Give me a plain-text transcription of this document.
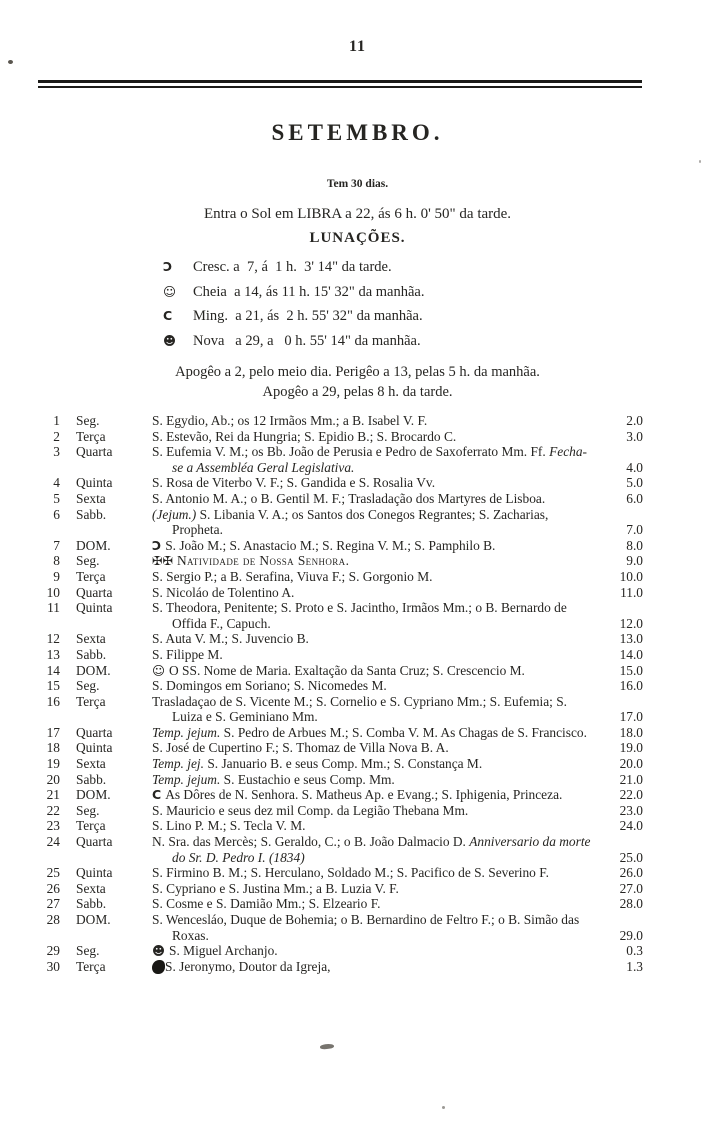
11
SETEMBRO.
Tem 30 dias.
Entra o Sol em LIBRA a 22, ás 6 h. 0' 50" da tarde.
LUNAÇÕES.
Ɔ	Cresc. a  7, á  1 h.  3' 14" da tarde.
☺	Cheia  a 14, ás 11 h. 15' 32" da manhãa.
C	Ming.  a 21, ás  2 h. 55' 32" da manhãa.
☻	Nova   a 29, a   0 h. 55' 14" da manhãa.
Apogêo a 2, pelo meio dia. Perigêo a 13, pelas 5 h. da manhãa.
Apogêo a 29, pelas 8 h. da tarde.
1 Seg.	S. Egydio, Ab.; os 12 Irmãos Mm.; a B. Isabel V. F.	2.0
2 Terça	S. Estevão, Rei da Hungria; S. Epidio B.; S. Brocardo C.	3.0
3 Quarta	S. Eufemia V. M.; os Bb. João de Perusia e Pedro de Saxoferrato Mm. Ff. Fecha-se a Assembléa Geral Legislativa.	4.0
4 Quinta	S. Rosa de Viterbo V. F.; S. Gandida e S. Rosalia Vv.	5.0
5 Sexta	S. Antonio M. A.; o B. Gentil M. F.; Trasladação dos Martyres de Lisboa.	6.0
6 Sabb.	(Jejum.) S. Libania V. A.; os Santos dos Conegos Regrantes; S. Zacharias, Propheta.	7.0
7 DOM.	Ɔ S. João M.; S. Anastacio M.; S. Regina V. M.; S. Pamphilo B.	8.0
8 Seg.	✠✠ Natividade de Nossa Senhora.	9.0
9 Terça	S. Sergio P.; a B. Serafina, Viuva F.; S. Gorgonio M.	10.0
10 Quarta	S. Nicoláo de Tolentino A.	11.0
11 Quinta	S. Theodora, Penitente; S. Proto e S. Jacintho, Irmãos Mm.; o B. Bernardo de Offida F., Capuch.	12.0
12 Sexta	S. Auta V. M.; S. Juvencio B.	13.0
13 Sabb.	S. Filippe M.	14.0
14 DOM.	☺ O SS. Nome de Maria. Exaltação da Santa Cruz; S. Crescencio M.	15.0
15 Seg.	S. Domingos em Soriano; S. Nicomedes M.	16.0
16 Terça	Trasladaçao de S. Vicente M.; S. Cornelio e S. Cypriano Mm.; S. Eufemia; S. Luiza e S. Geminiano Mm.	17.0
17 Quarta	Temp. jejum. S. Pedro de Arbues M.; S. Comba V. M. As Chagas de S. Francisco.	18.0
18 Quinta	S. José de Cupertino F.; S. Thomaz de Villa Nova B. A.	19.0
19 Sexta	Temp. jej. S. Januario B. e seus Comp. Mm.; S. Constança M.	20.0
20 Sabb.	Temp. jejum. S. Eustachio e seus Comp. Mm.	21.0
21 DOM.	C As Dôres de N. Senhora. S. Matheus Ap. e Evang.; S. Iphigenia, Princeza.	22.0
22 Seg.	S. Mauricio e seus dez mil Comp. da Legião Thebana Mm.	23.0
23 Terça	S. Lino P. M.; S. Tecla V. M.	24.0
24 Quarta	N. Sra. das Mercès; S. Geraldo, C.; o B. João Dalmacio D. Anniversario da morte do Sr. D. Pedro I. (1834)	25.0
25 Quinta	S. Firmino B. M.; S. Herculano, Soldado M.; S. Pacifico de S. Severino F.	26.0
26 Sexta	S. Cypriano e S. Justina Mm.; a B. Luzia V. F.	27.0
27 Sabb.	S. Cosme e S. Damião Mm.; S. Elzeario F.	28.0
28 DOM.	S. Wencesláo, Duque de Bohemia; o B. Bernardino de Feltro F.; o B. Simão das Roxas.	29.0
29 Seg.	☻ S. Miguel Archanjo.	0.3
30 Terça	S. Jeronymo, Doutor da Igreja,	1.3
